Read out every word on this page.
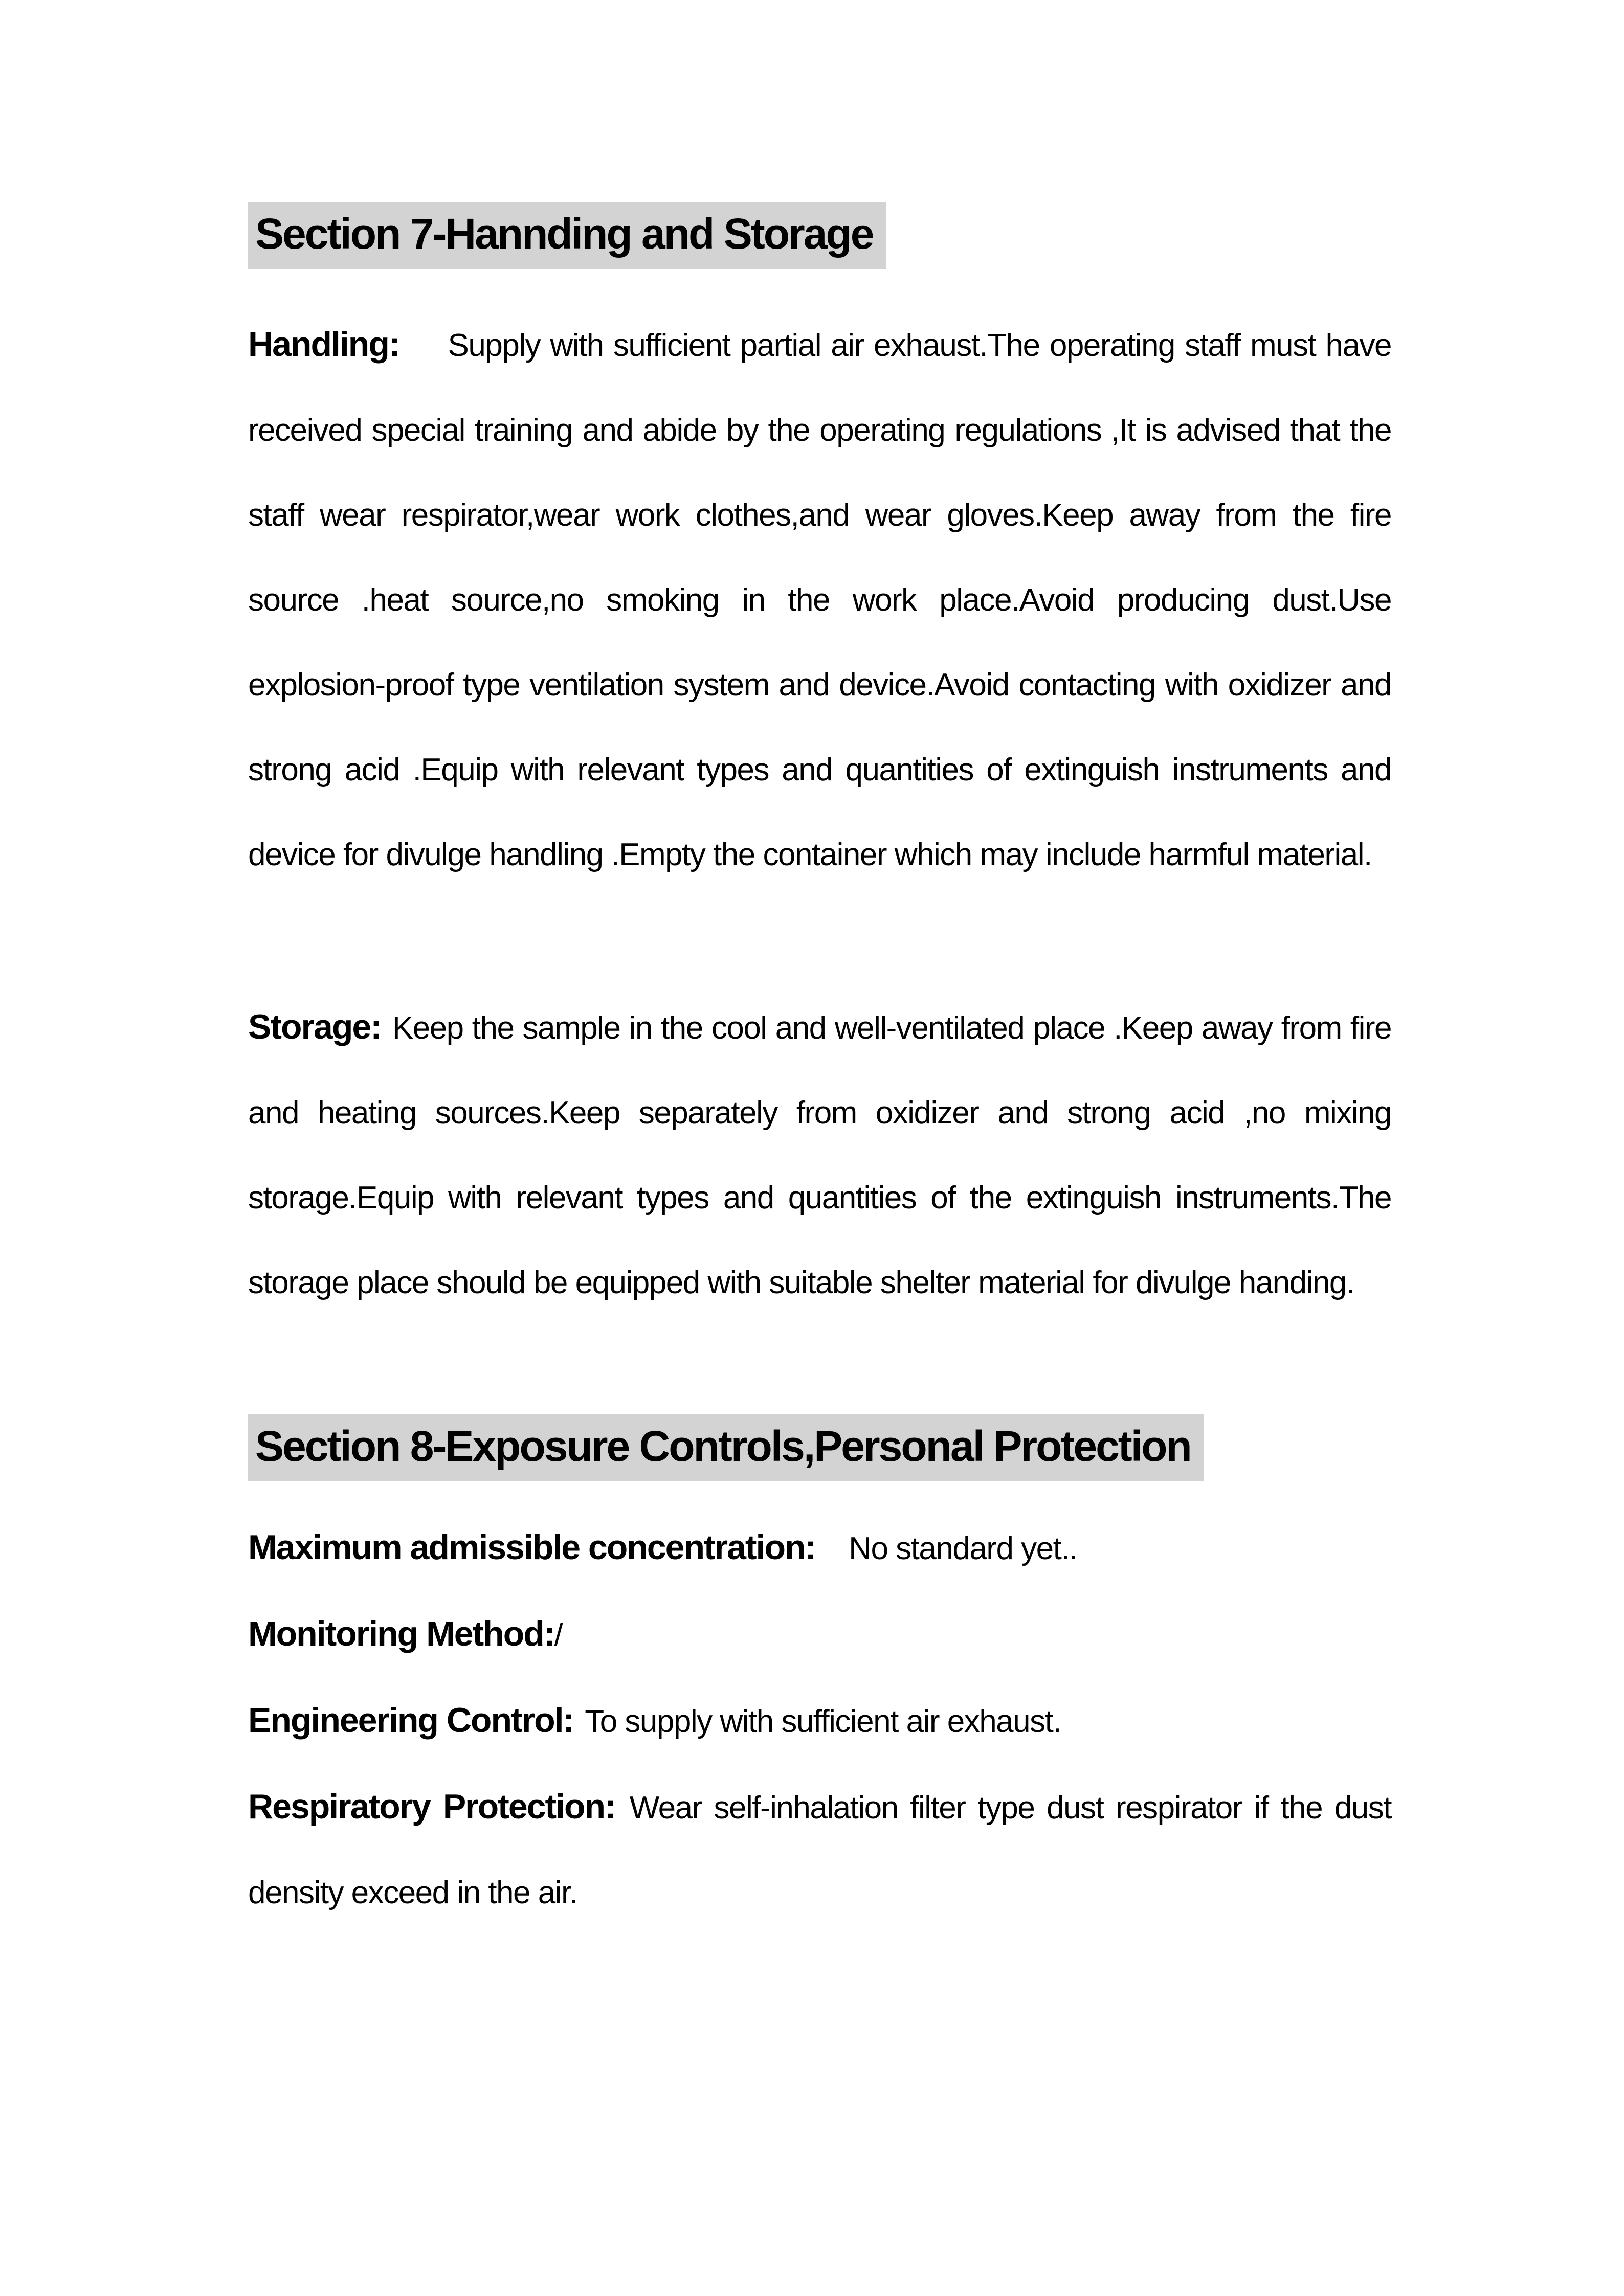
Section 7-Hannding and Storage

Handling: Supply with sufficient partial air exhaust.The operating staff must have received special training and abide by the operating regulations ,It is advised that the staff wear respirator,wear work clothes,and wear gloves.Keep away from the fire source .heat source,no smoking in the work place.Avoid producing dust.Use explosion-proof type ventilation system and device.Avoid contacting with oxidizer and strong acid .Equip with relevant types and quantities of extinguish instruments and device for divulge handling .Empty the container which may include harmful material.

Storage: Keep the sample in the cool and well-ventilated place .Keep away from fire and heating sources.Keep separately from oxidizer and strong acid ,no mixing storage.Equip with relevant types and quantities of the extinguish instruments.The storage place should be equipped with suitable shelter material for divulge handing.

Section 8-Exposure Controls,Personal Protection

Maximum admissible concentration: No standard yet..

Monitoring Method:/

Engineering Control: To supply with sufficient air exhaust.

Respiratory Protection: Wear self-inhalation filter type dust respirator if the dust density exceed in the air.
